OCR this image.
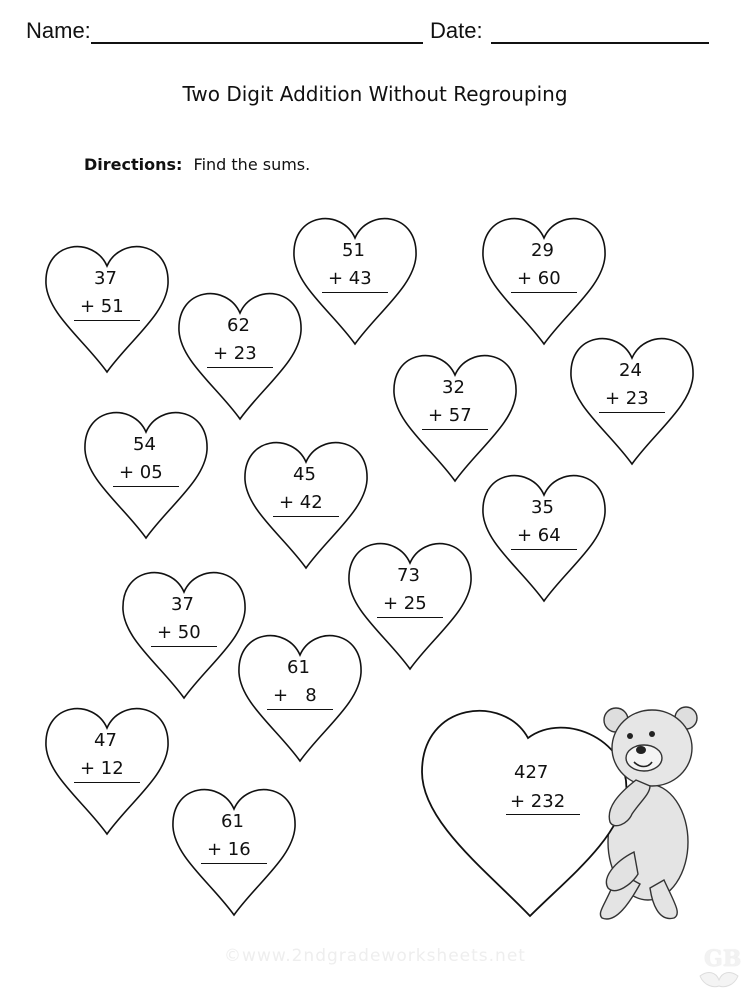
Name:	Date:
Two Digit Addition Without Regrouping
Directions: Find the sums.
37
+ 51
62
+ 23
51
+ 43
29
+ 60
32
+ 57
24
+ 23
54
+ 05	45
+ 42	35
+ 64
73
+ 25
37
+ 50
61
+   8
47
+ 12
61
+ 16
427
+ 232
©www.2ndgradeworksheets.net	GB
